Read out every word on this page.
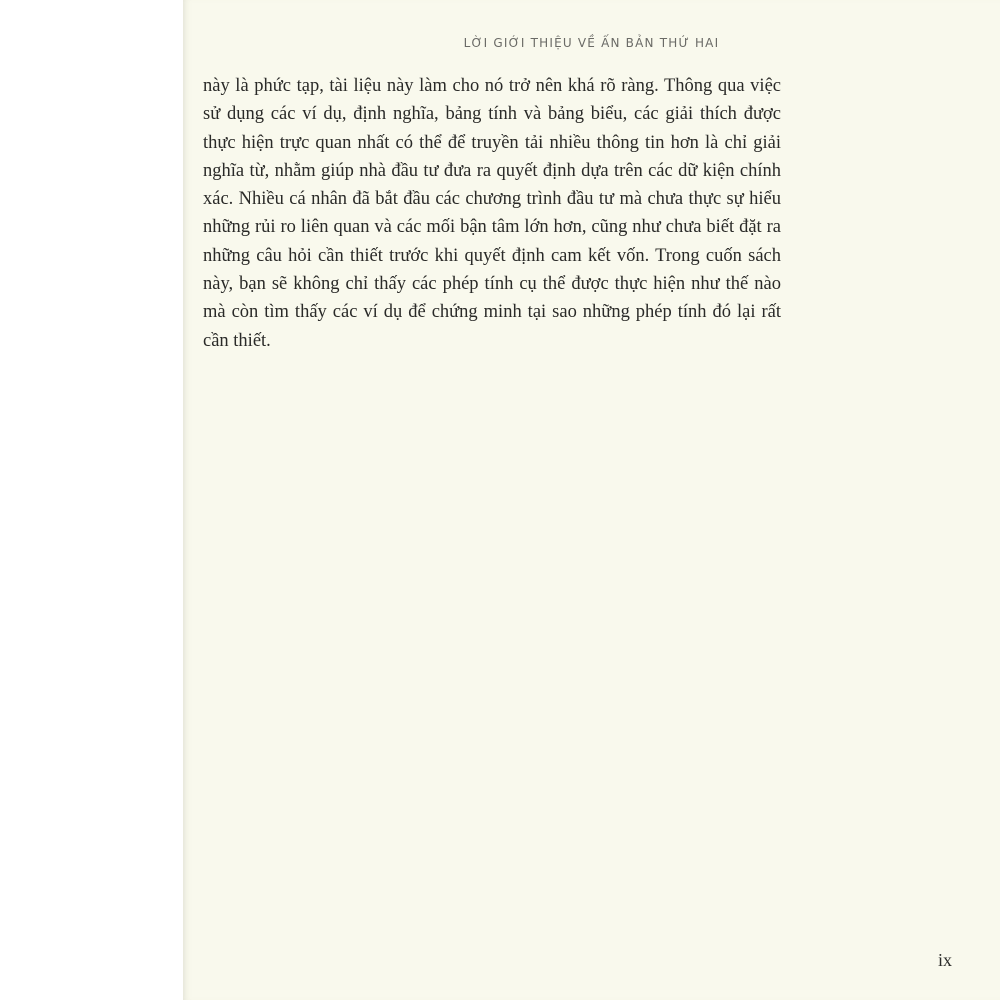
LỜI GIỚI THIỆU VỀ ẤN BẢN THỨ HAI
này là phức tạp, tài liệu này làm cho nó trở nên khá rõ ràng. Thông qua việc
sử dụng các ví dụ, định nghĩa, bảng tính và bảng biểu, các giải thích được
thực hiện trực quan nhất có thể để truyền tải nhiều thông tin hơn là chỉ giải
nghĩa từ, nhằm giúp nhà đầu tư đưa ra quyết định dựa trên các dữ kiện chính
xác. Nhiều cá nhân đã bắt đầu các chương trình đầu tư mà chưa thực sự hiểu
những rủi ro liên quan và các mối bận tâm lớn hơn, cũng như chưa biết đặt ra
những câu hỏi cần thiết trước khi quyết định cam kết vốn. Trong cuốn sách
này, bạn sẽ không chỉ thấy các phép tính cụ thể được thực hiện như thế nào
mà còn tìm thấy các ví dụ để chứng minh tại sao những phép tính đó lại rất
cần thiết.
ix
